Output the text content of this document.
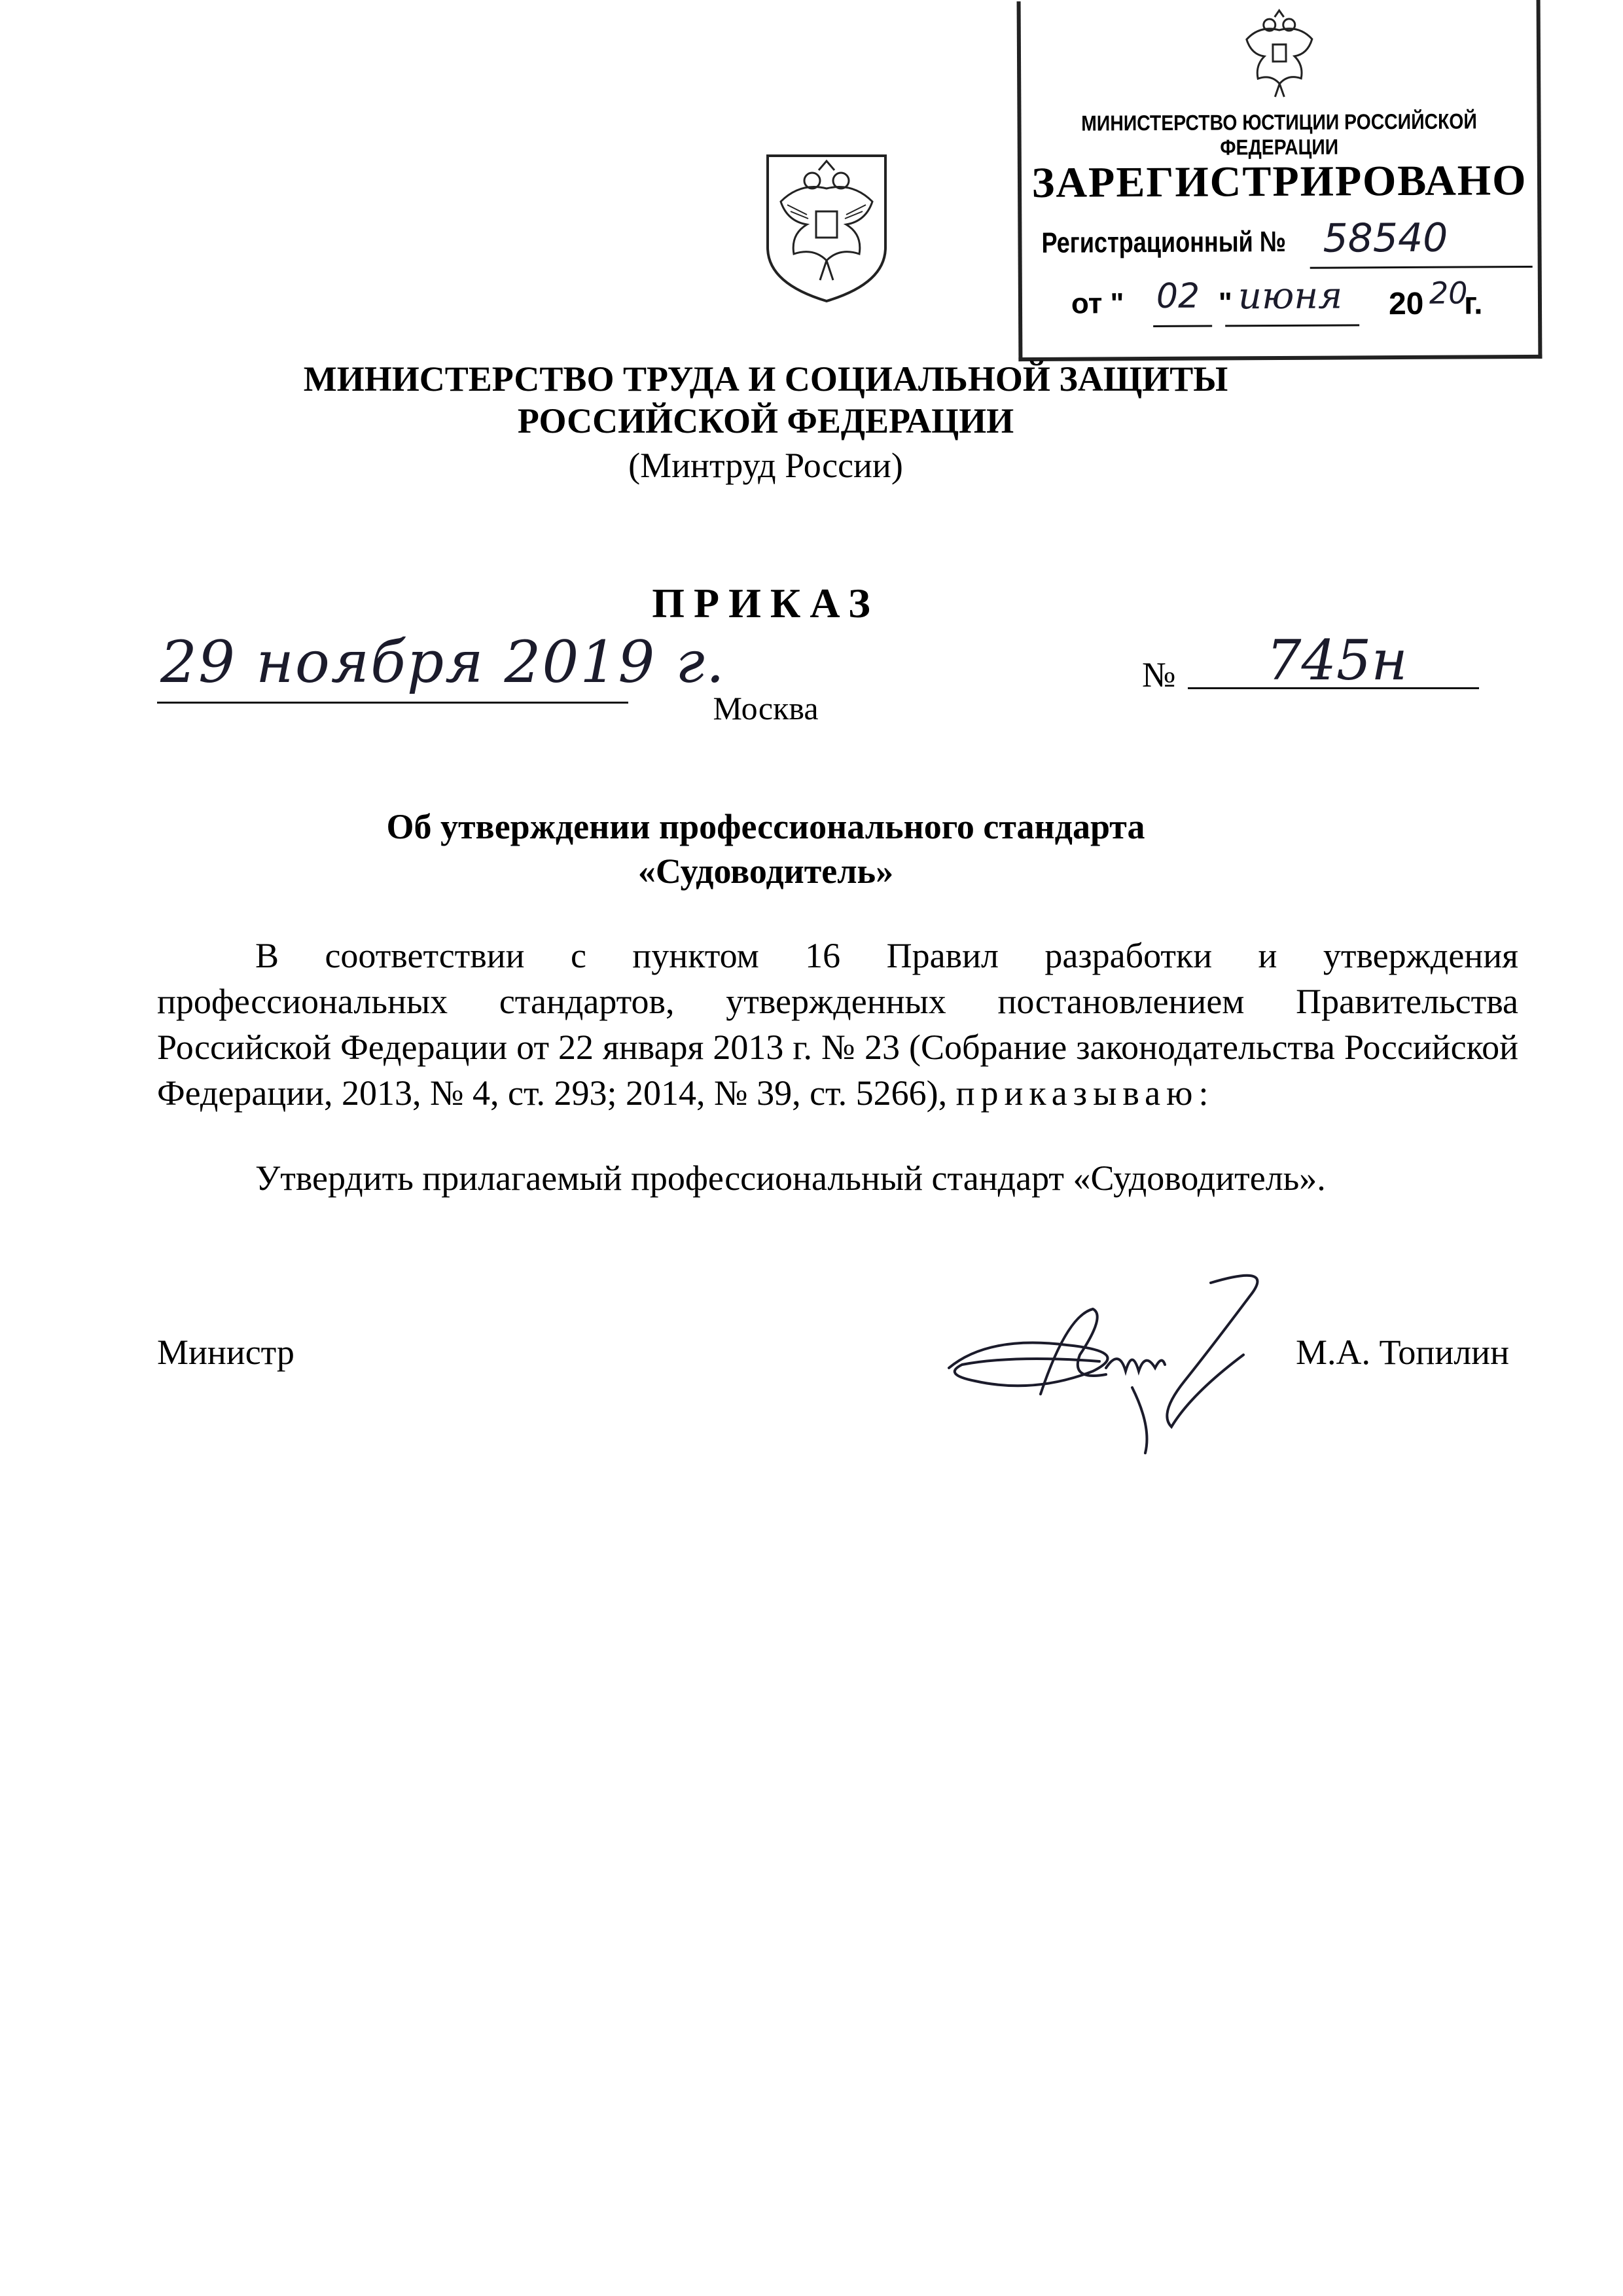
МИНИСТЕРСТВО ЮСТИЦИИ РОССИЙСКОЙ ФЕДЕРАЦИИ
ЗАРЕГИСТРИРОВАНО
Регистрационный № 58540
от " 02 " июня 20 20
г.
МИНИСТЕРСТВО ТРУДА И СОЦИАЛЬНОЙ ЗАЩИТЫ
РОССИЙСКОЙ ФЕДЕРАЦИИ
(Минтруд России)
ПРИКАЗ
29 ноября 2019 г.	№ 745н
Москва
Об утверждении профессионального стандарта
«Судоводитель»
В соответствии с пунктом 16 Правил разработки и утверждения профессиональных стандартов, утвержденных постановлением Правительства Российской Федерации от 22 января 2013 г. № 23 (Собрание законодательства Российской Федерации, 2013, № 4, ст. 293; 2014, № 39, ст. 5266), приказываю:
Утвердить прилагаемый профессиональный стандарт «Судоводитель».
Министр	М.А. Топилин
